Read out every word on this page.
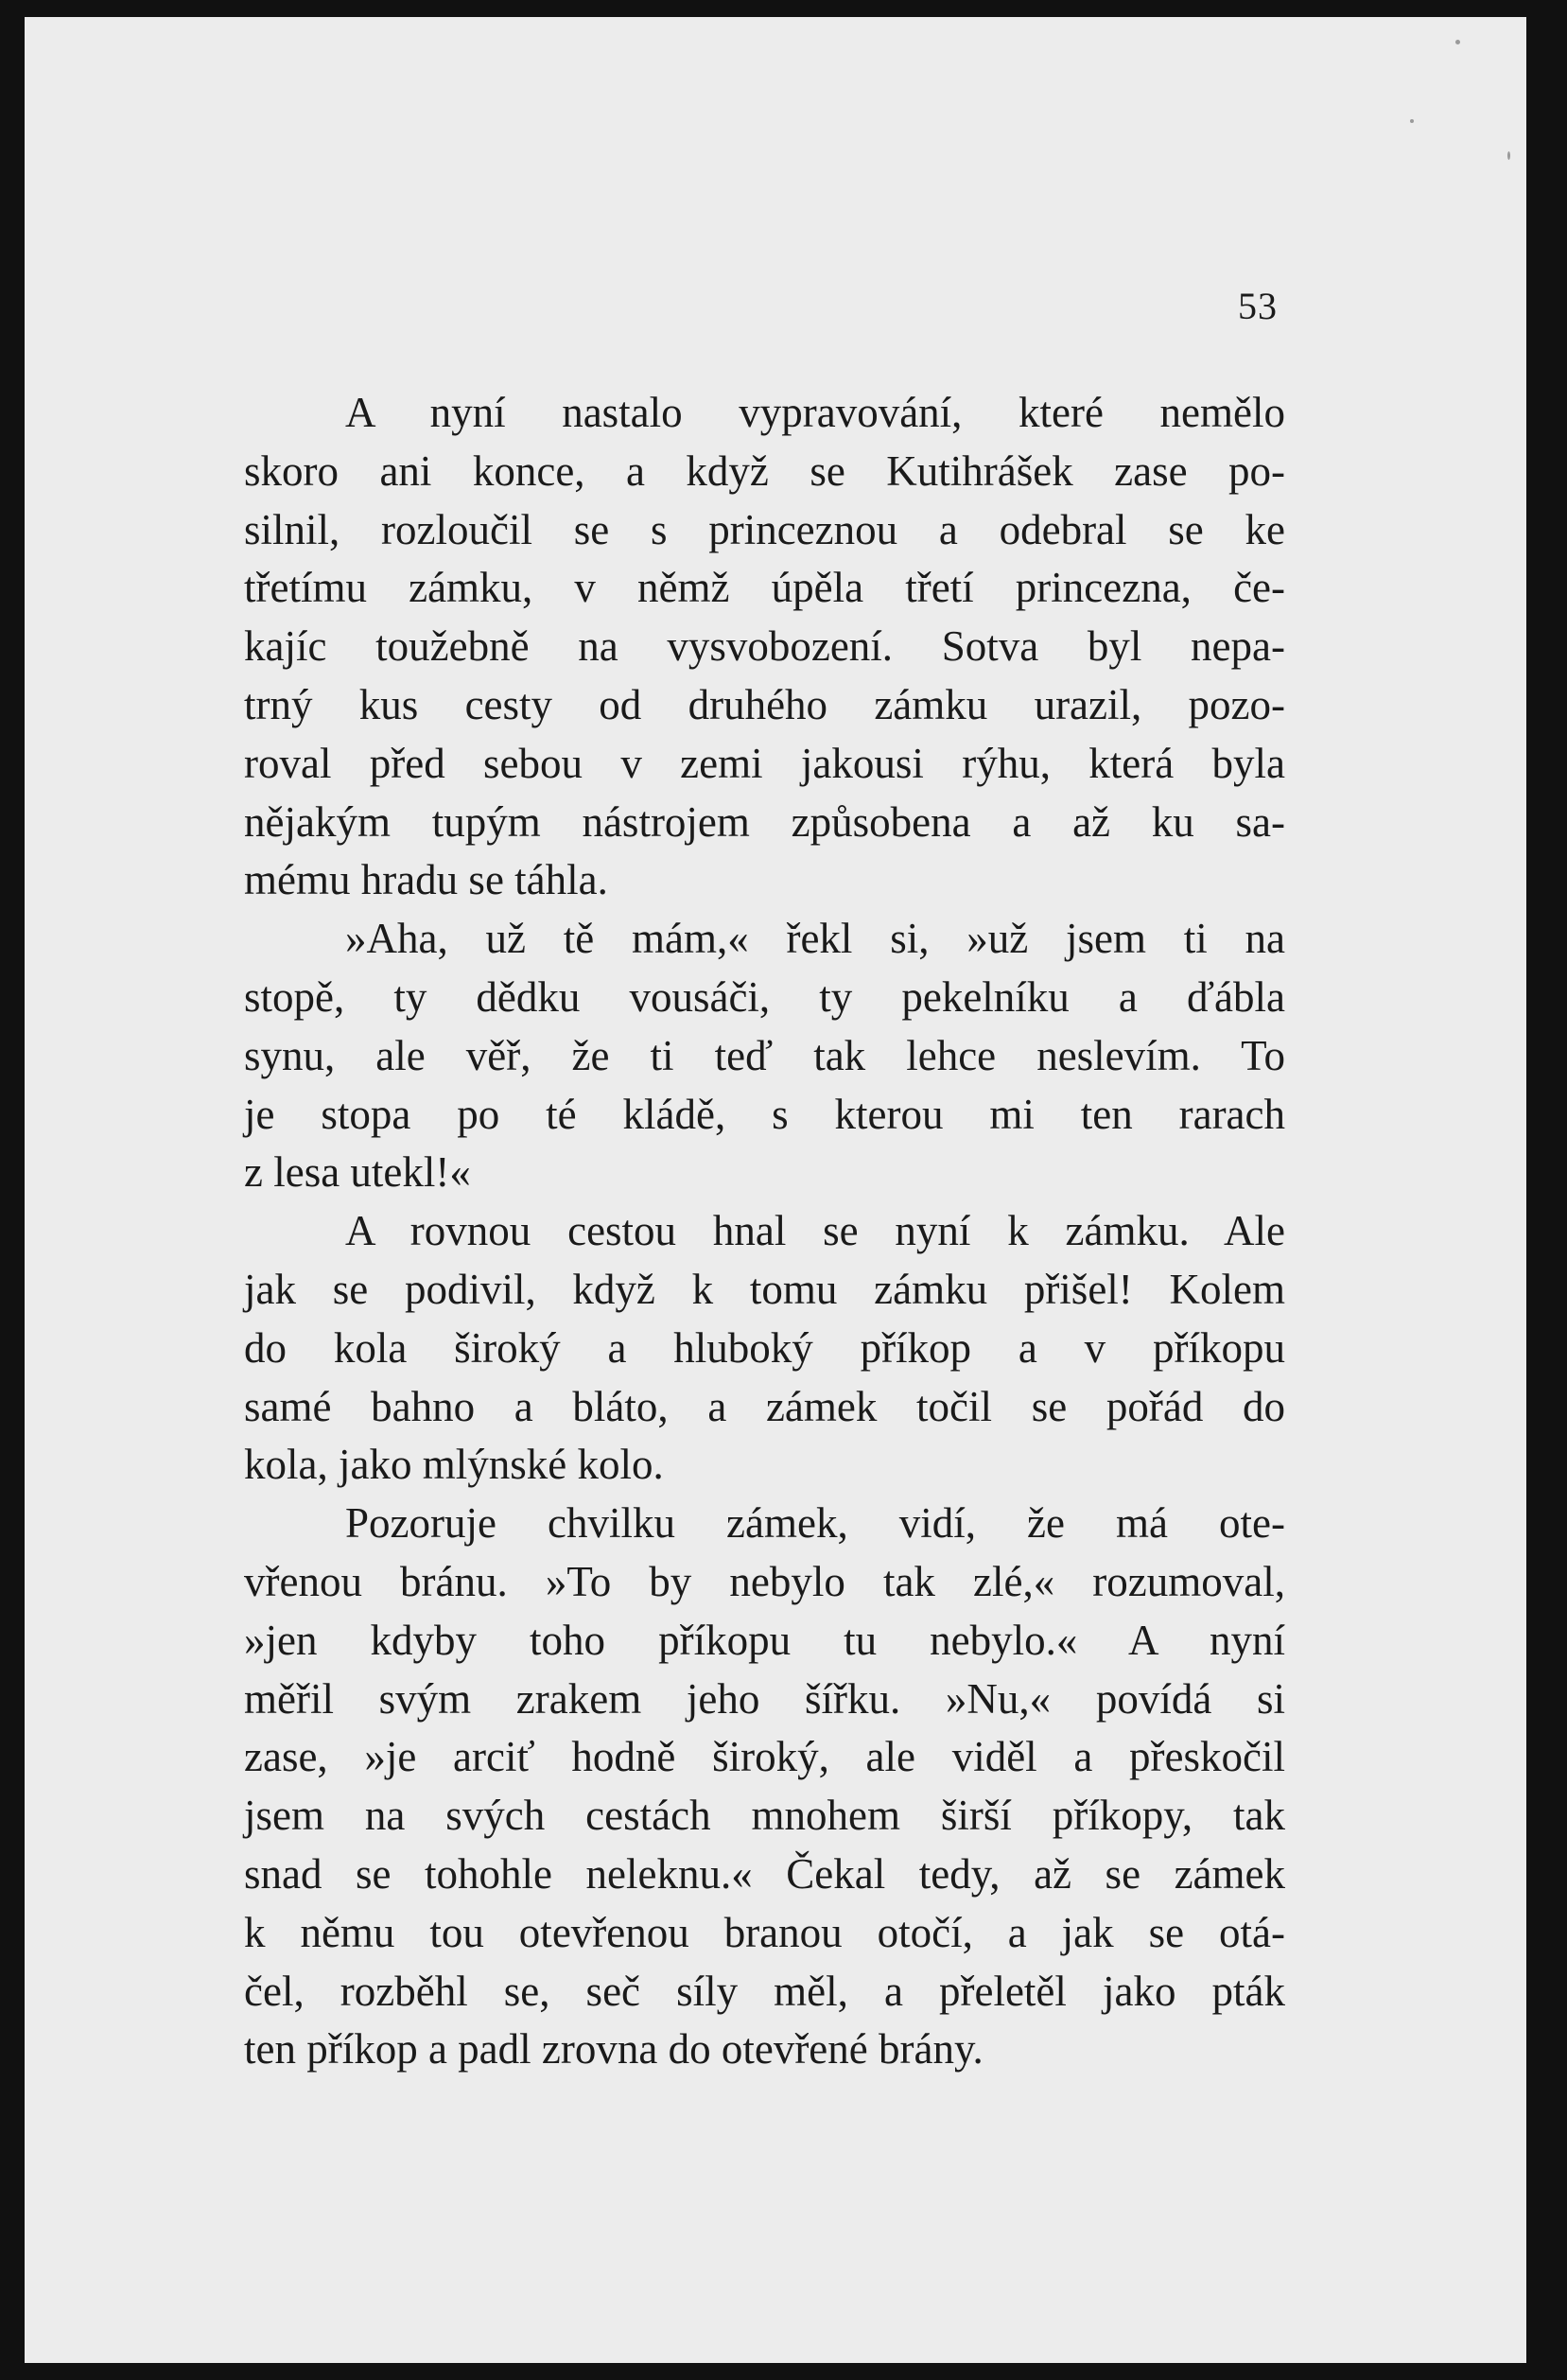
53
A nyní nastalo vypravování, které nemělo
skoro ani konce, a když se Kutihrášek zase po-
silnil, rozloučil se s princeznou a odebral se ke
třetímu zámku, v němž úpěla třetí princezna, če-
kajíc toužebně na vysvobození. Sotva byl nepa-
trný kus cesty od druhého zámku urazil, pozo-
roval před sebou v zemi jakousi rýhu, která byla
nějakým tupým nástrojem způsobena a až ku sa-
mému hradu se táhla.
»Aha, už tě mám,« řekl si, »už jsem ti na
stopě, ty dědku vousáči, ty pekelníku a ďábla
synu, ale věř, že ti teď tak lehce neslevím. To
je stopa po té kládě, s kterou mi ten rarach
z lesa utekl!«
A rovnou cestou hnal se nyní k zámku. Ale
jak se podivil, když k tomu zámku přišel! Kolem
do kola široký a hluboký příkop a v příkopu
samé bahno a bláto, a zámek točil se pořád do
kola, jako mlýnské kolo.
Pozoruje chvilku zámek, vidí, že má ote-
vřenou bránu. »To by nebylo tak zlé,« rozumoval,
»jen kdyby toho příkopu tu nebylo.« A nyní
měřil svým zrakem jeho šířku. »Nu,« povídá si
zase, »je arciť hodně široký, ale viděl a přeskočil
jsem na svých cestách mnohem širší příkopy, tak
snad se tohohle neleknu.« Čekal tedy, až se zámek
k němu tou otevřenou branou otočí, a jak se otá-
čel, rozběhl se, seč síly měl, a přeletěl jako pták
ten příkop a padl zrovna do otevřené brány.
